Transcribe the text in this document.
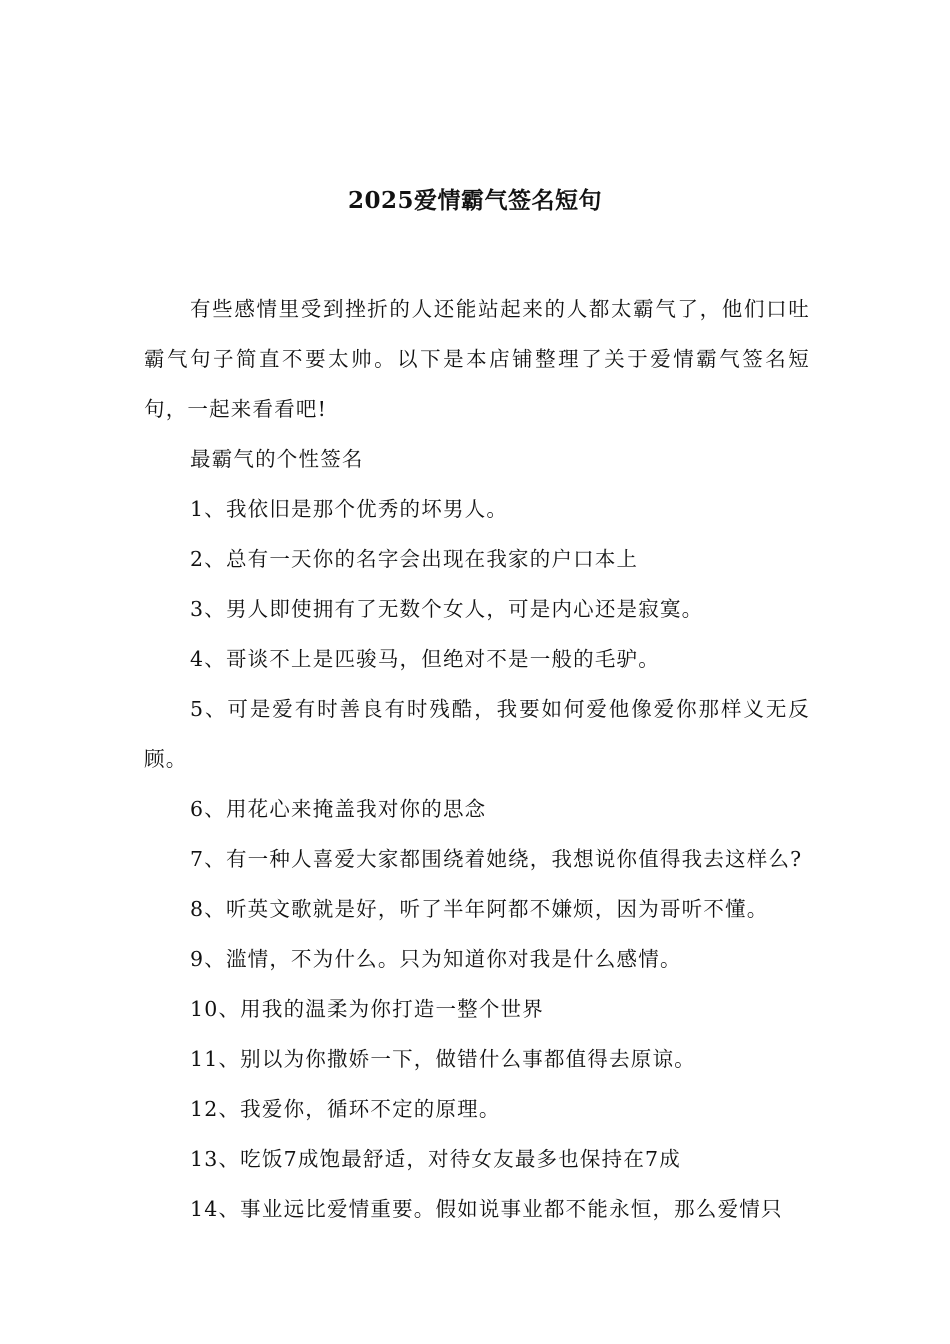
2025爱情霸气签名短句

有些感情里受到挫折的人还能站起来的人都太霸气了，他们口吐霸气句子简直不要太帅。以下是本店铺整理了关于爱情霸气签名短句，一起来看看吧!

最霸气的个性签名

1、我依旧是那个优秀的坏男人。

2、总有一天你的名字会出现在我家的户口本上

3、男人即使拥有了无数个女人，可是内心还是寂寞。

4、哥谈不上是匹骏马，但绝对不是一般的毛驴。

5、可是爱有时善良有时残酷，我要如何爱他像爱你那样义无反顾。

6、用花心来掩盖我对你的思念

7、有一种人喜爱大家都围绕着她绕，我想说你值得我去这样么?

8、听英文歌就是好，听了半年阿都不嫌烦，因为哥听不懂。

9、滥情，不为什么。只为知道你对我是什么感情。

10、用我的温柔为你打造一整个世界

11、别以为你撒娇一下，做错什么事都值得去原谅。

12、我爱你，循环不定的原理。

13、吃饭7成饱最舒适，对待女友最多也保持在7成

14、事业远比爱情重要。假如说事业都不能永恒，那么爱情只
